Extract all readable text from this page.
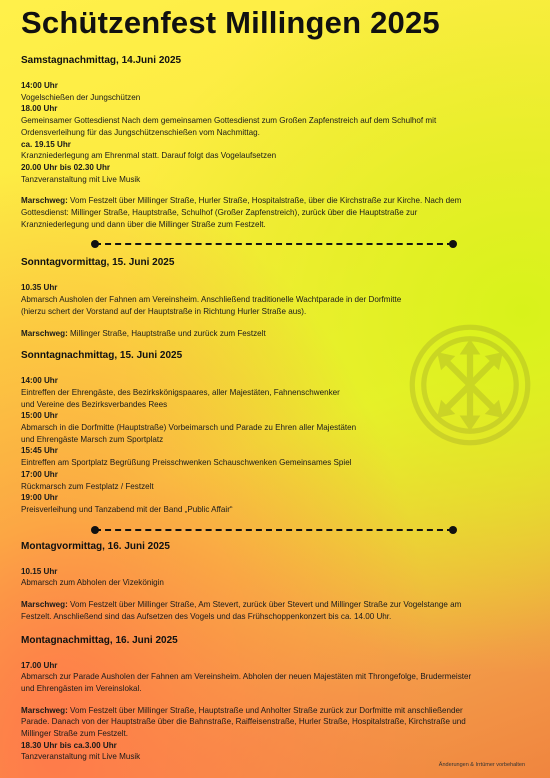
Schützenfest Millingen 2025
Samstagnachmittag, 14.Juni 2025
14:00 Uhr
Vogelschießen der Jungschützen
18.00 Uhr
Gemeinsamer Gottesdienst Nach dem gemeinsamen Gottesdienst zum Großen Zapfenstreich auf dem Schulhof mit
Ordensverleihung für das Jungschützenschießen vom Nachmittag.
ca. 19.15 Uhr
Kranzniederlegung am Ehrenmal statt. Darauf folgt das Vogelaufsetzen
20.00 Uhr bis 02.30 Uhr
Tanzveranstaltung mit Live Musik
Marschweg: Vom Festzelt über Millinger Straße, Hurler Straße, Hospitalstraße, über die Kirchstraße zur Kirche. Nach dem
Gottesdienst: Millinger Straße, Hauptstraße, Schulhof (Großer Zapfenstreich), zurück über die Hauptstraße zur
Kranzniederlegung und dann über die Millinger Straße zum Festzelt.
Sonntagvormittag, 15. Juni 2025
10.35 Uhr
Abmarsch Ausholen der Fahnen am Vereinsheim. Anschließend traditionelle Wachtparade in der Dorfmitte
(hierzu schert der Vorstand auf der Hauptstraße in Richtung Hurler Straße aus).
Marschweg: Millinger Straße, Hauptstraße und zurück zum Festzelt
Sonntagnachmittag, 15. Juni 2025
14:00 Uhr
Eintreffen der Ehrengäste, des Bezirkskönigspaares, aller Majestäten, Fahnenschwenker
und Vereine des Bezirksverbandes Rees
15:00 Uhr
Abmarsch in die Dorfmitte (Hauptstraße) Vorbeimarsch und Parade zu Ehren aller Majestäten
und Ehrengäste Marsch zum Sportplatz
15:45 Uhr
Eintreffen am Sportplatz Begrüßung Preisschwenken Schauschwenken Gemeinsames Spiel
17:00 Uhr
Rückmarsch zum Festplatz / Festzelt
19:00 Uhr
Preisverleihung und Tanzabend mit der Band „Public Affair“
Montagvormittag, 16. Juni 2025
10.15 Uhr
Abmarsch zum Abholen der Vizekönigin
Marschweg: Vom Festzelt über Millinger Straße, Am Stevert, zurück über Stevert und Millinger Straße zur Vogelstange am
Festzelt. Anschließend sind das Aufsetzen des Vogels und das Frühschoppenkonzert bis ca. 14.00 Uhr.
Montagnachmittag, 16. Juni 2025
17.00 Uhr
Abmarsch zur Parade Ausholen der Fahnen am Vereinsheim. Abholen der neuen Majestäten mit Throngefolge, Brudermeister
und Ehrengästen im Vereinslokal.
Marschweg: Vom Festzelt über Millinger Straße, Hauptstraße und Anholter Straße zurück zur Dorfmitte mit anschließender
Parade. Danach von der Hauptstraße über die Bahnstraße, Raiffeisenstraße, Hurler Straße, Hospitalstraße, Kirchstraße und
Millinger Straße zum Festzelt.
18.30 Uhr bis ca.3.00 Uhr
Tanzveranstaltung mit Live Musik
Änderungen & Irrtümer vorbehalten
